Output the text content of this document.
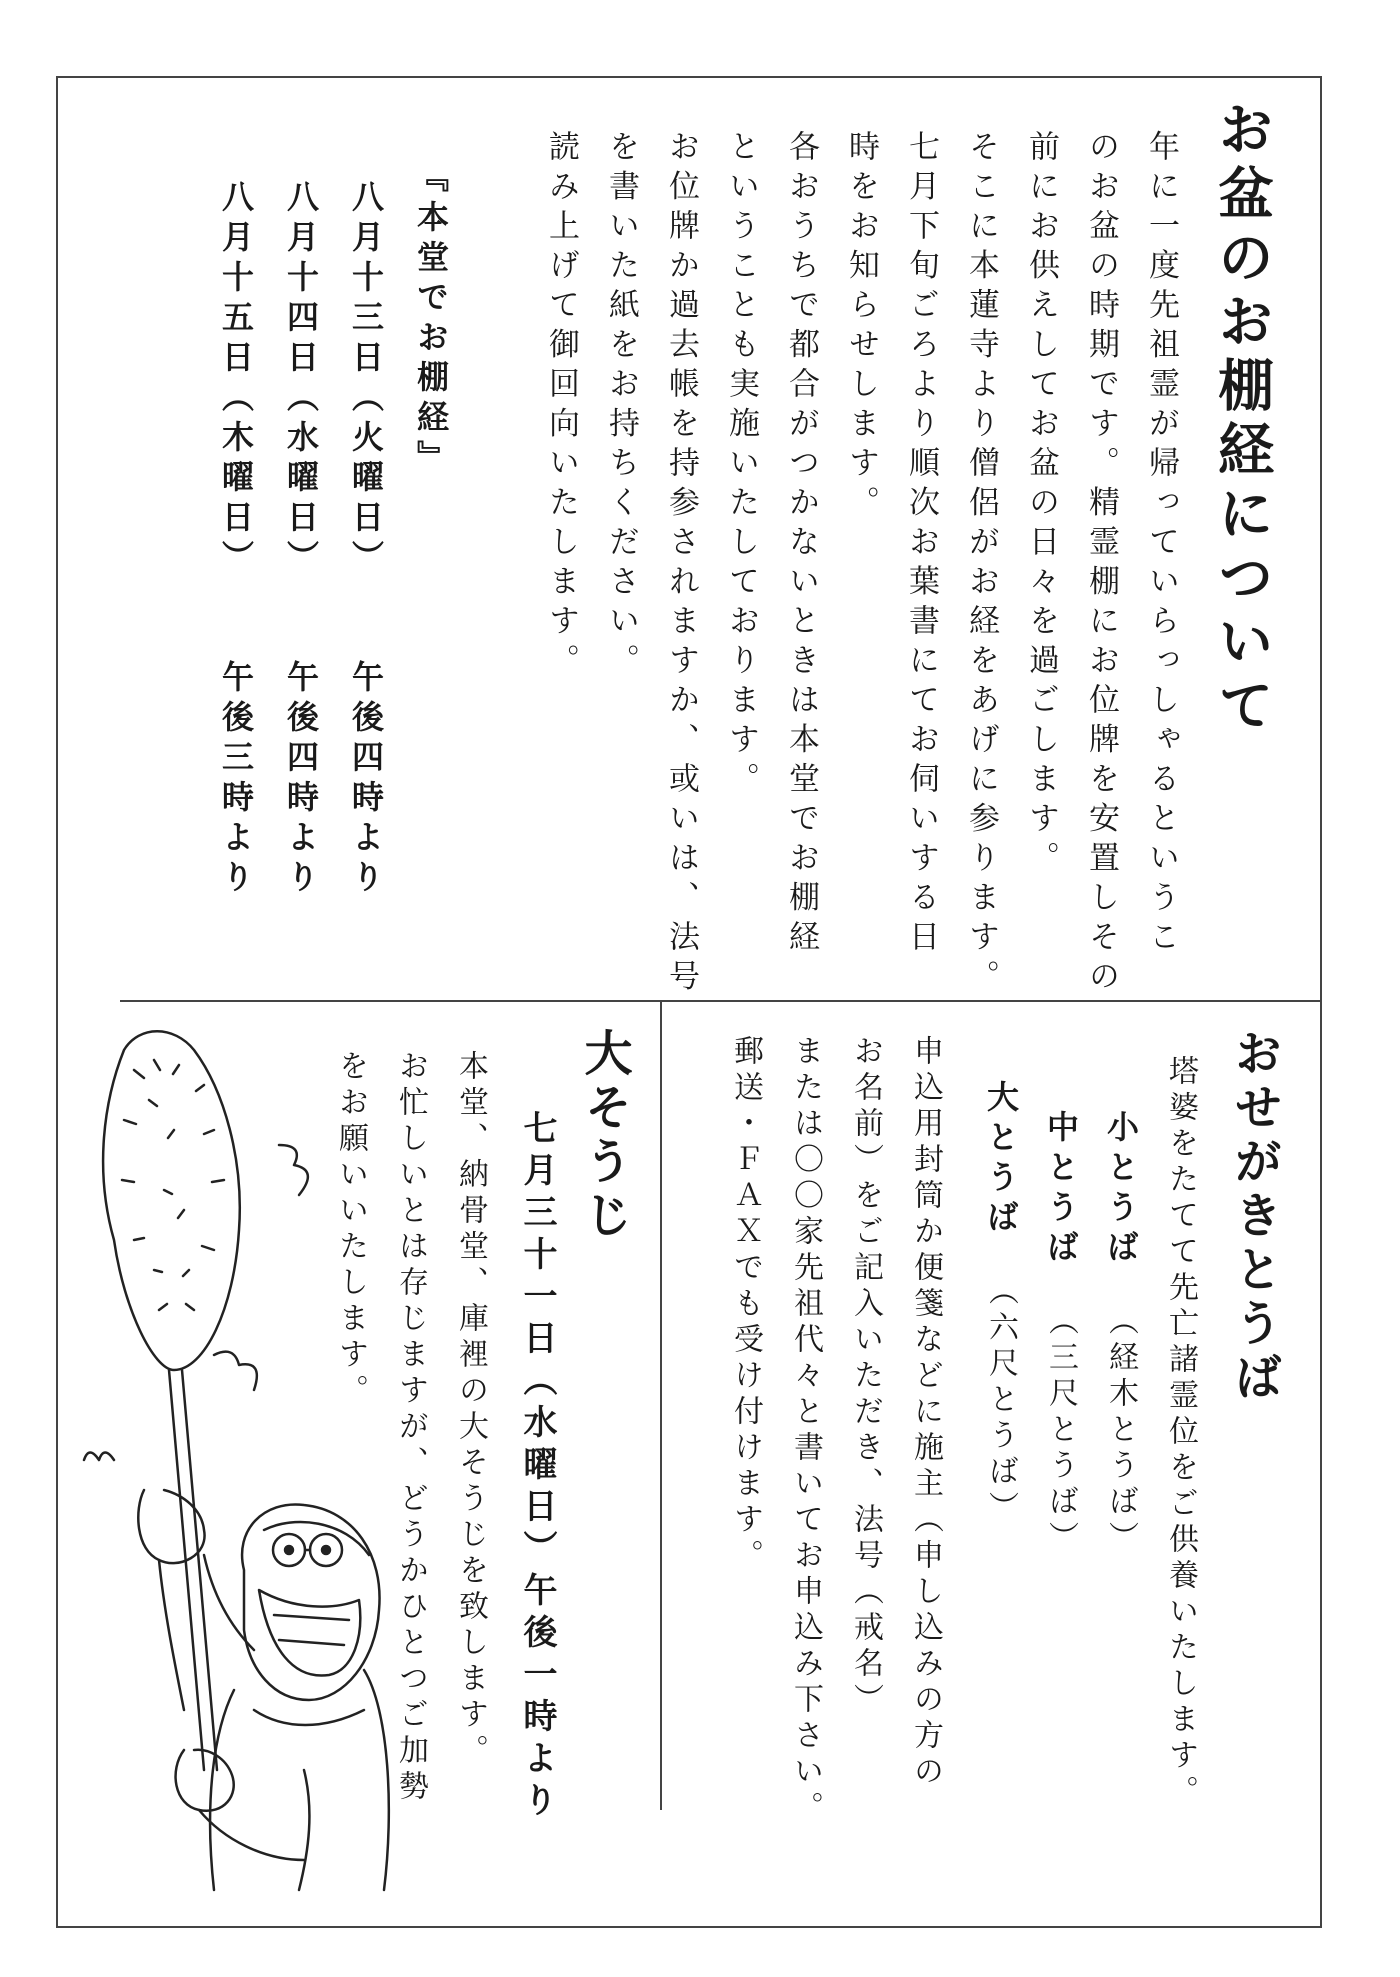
お盆のお棚経について

年に一度先祖霊が帰っていらっしゃるというこ

のお盆の時期です。精霊棚にお位牌を安置しその

前にお供えしてお盆の日々を過ごします。

そこに本蓮寺より僧侶がお経をあげに参ります。

七月下旬ごろより順次お葉書にてお伺いする日

時をお知らせします。

各おうちで都合がつかないときは本堂でお棚経

ということも実施いたしております。

お位牌か過去帳を持参されますか、或いは、法号

を書いた紙をお持ちください。

読み上げて御回向いたします。

『本堂でお棚経』
八月十三日（火曜日）
午後四時より
八月十四日（水曜日）
午後四時より
八月十五日（木曜日）
午後三時より
おせがきとうば

塔婆をたてて先亡諸霊位をご供養いたします。

小とうば
（経木とうば）
中とうば
（三尺とうば）
大とうば
（六尺とうば）

申込用封筒か便箋などに施主（申し込みの方の

お名前）をご記入いただき、法号（戒名）

または〇〇家先祖代々と書いてお申込み下さい。

郵送・ＦＡＸでも受け付けます。

大そうじ

七月三十一日（水曜日）午後一時より

本堂、納骨堂、庫裡の大そうじを致します。

お忙しいとは存じますが、どうかひとつご加勢

をお願いいたします。
